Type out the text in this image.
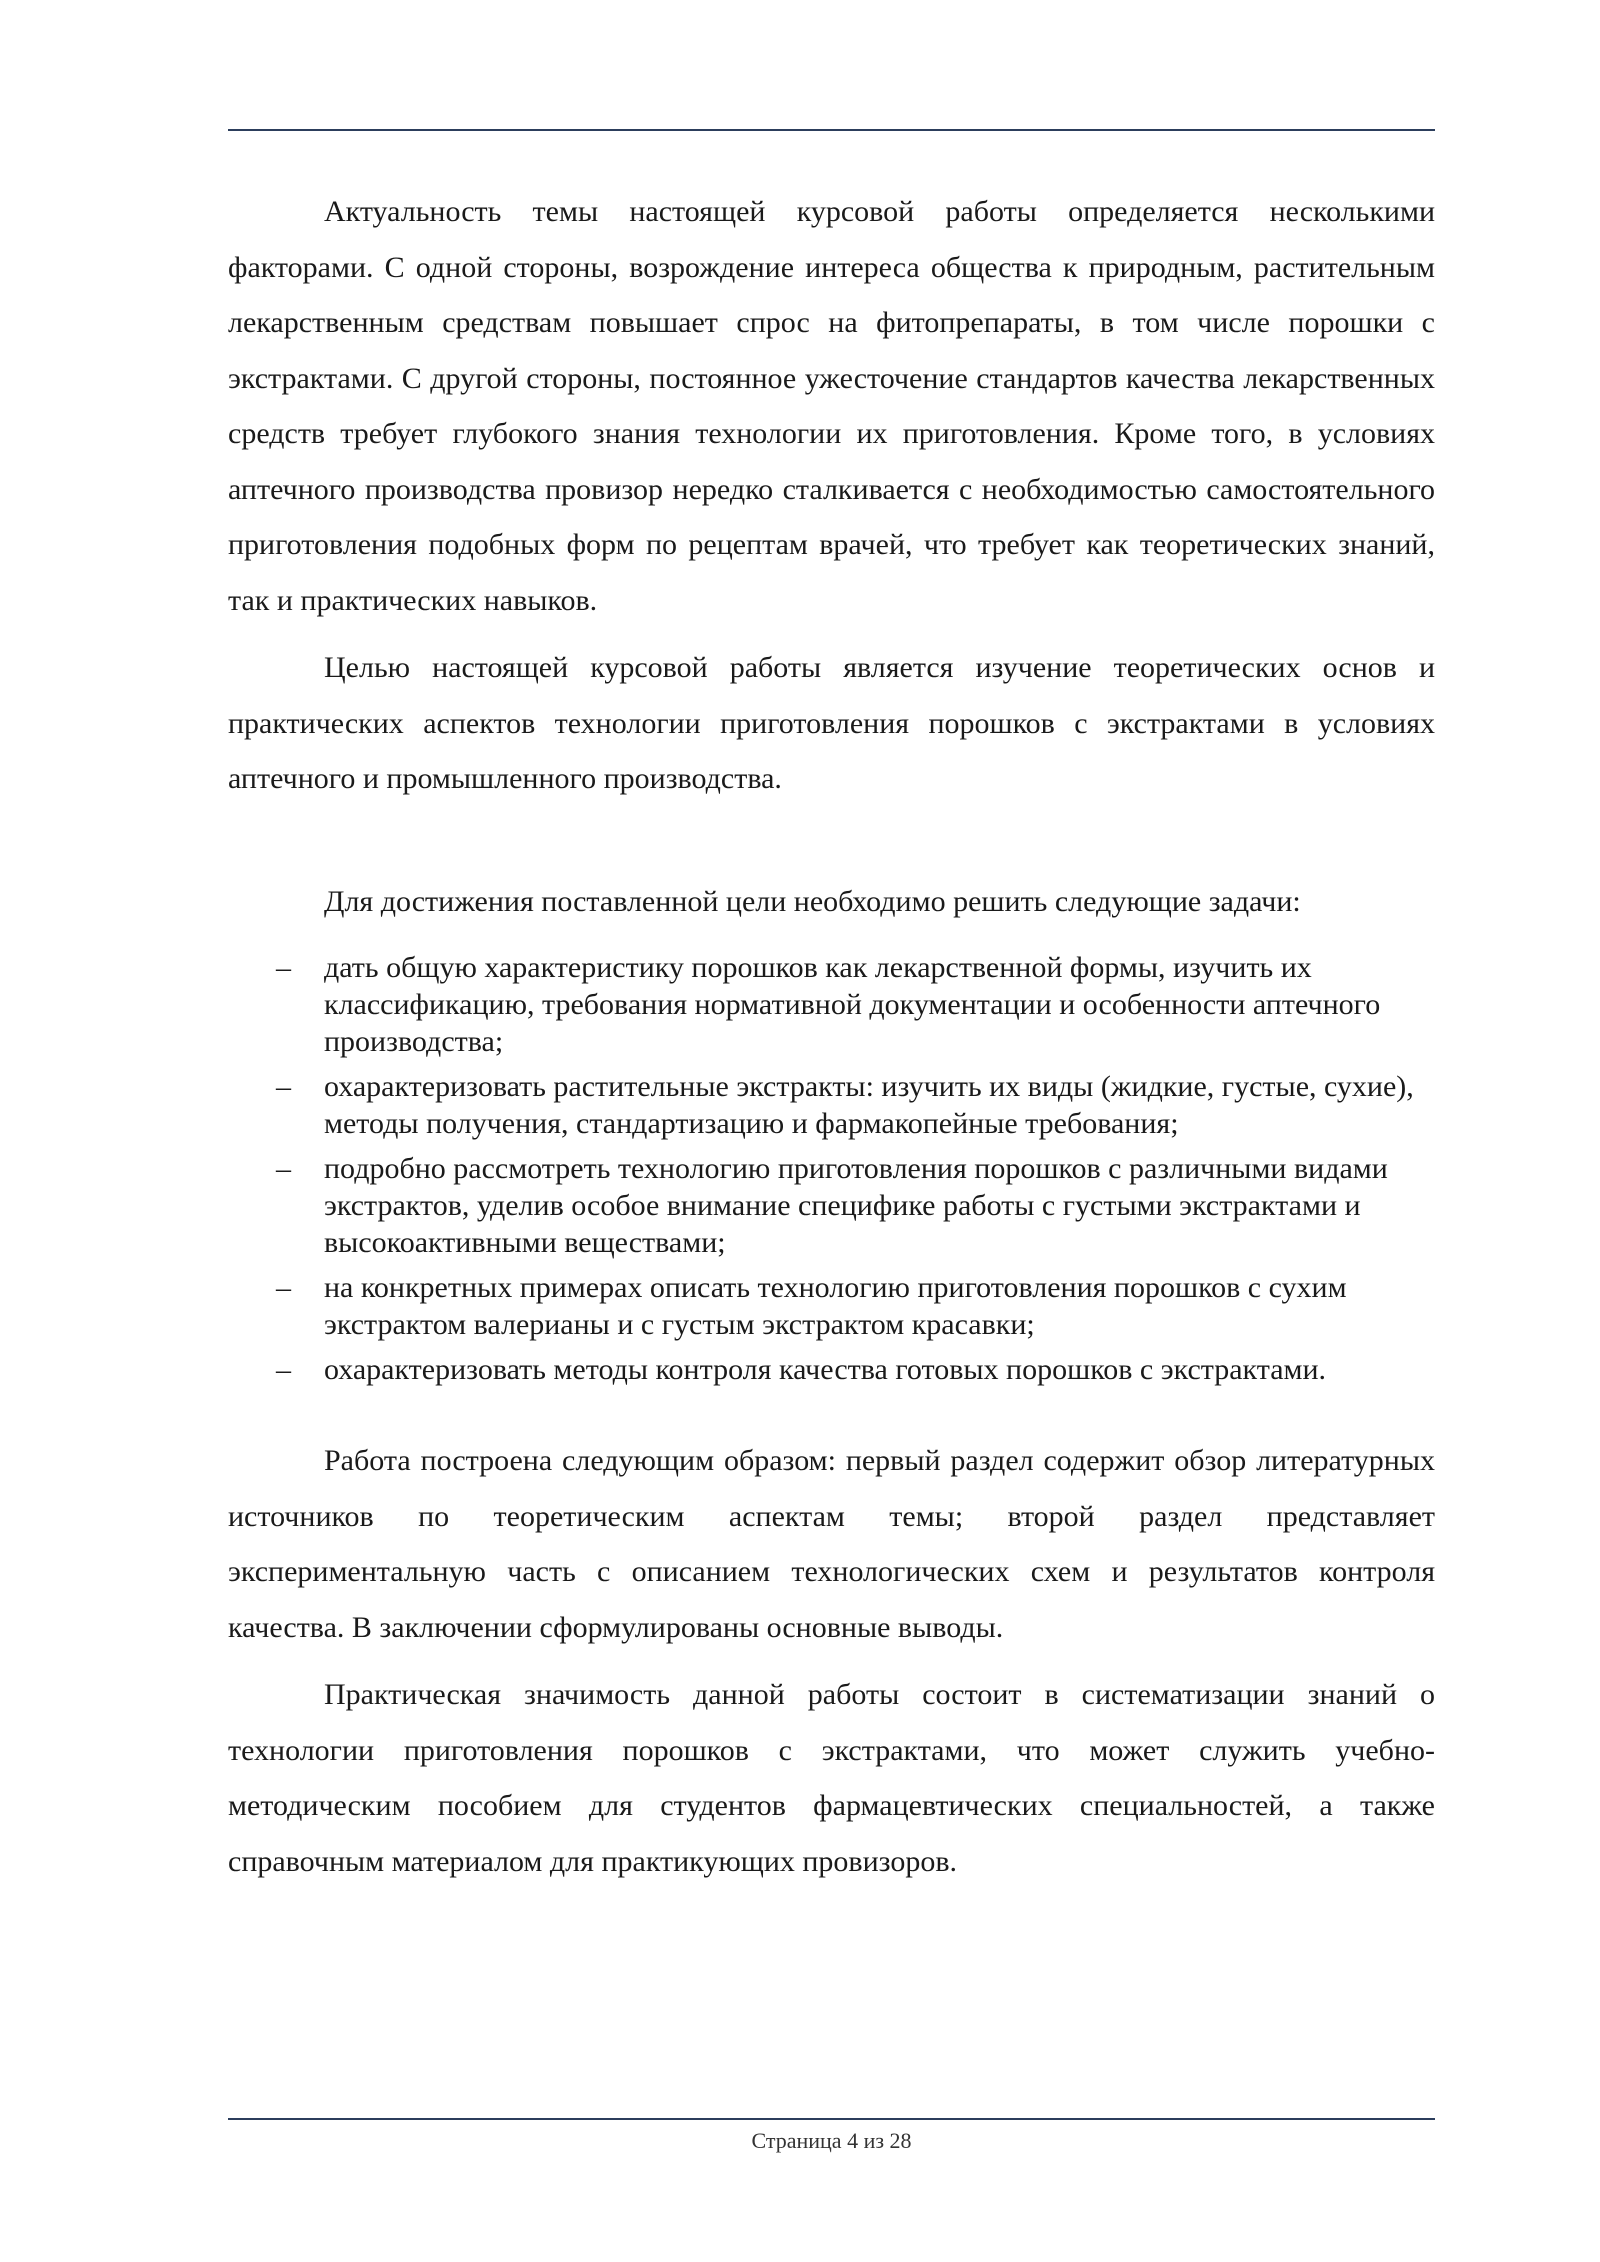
Актуальность темы настоящей курсовой работы определяется несколькими факторами. С одной стороны, возрождение интереса общества к природным, растительным лекарственным средствам повышает спрос на фитопрепараты, в том числе порошки с экстрактами. С другой стороны, постоянное ужесточение стандартов качества лекарственных средств требует глубокого знания технологии их приготовления. Кроме того, в условиях аптечного производства провизор нередко сталкивается с необходимостью самостоятельного приготовления подобных форм по рецептам врачей, что требует как теоретических знаний, так и практических навыков.

Целью настоящей курсовой работы является изучение теоретических основ и практических аспектов технологии приготовления порошков с экстрактами в условиях аптечного и промышленного производства.

Для достижения поставленной цели необходимо решить следующие задачи:

– дать общую характеристику порошков как лекарственной формы, изучить их классификацию, требования нормативной документации и особенности аптечного производства;
– охарактеризовать растительные экстракты: изучить их виды (жидкие, густые, сухие), методы получения, стандартизацию и фармакопейные требования;
– подробно рассмотреть технологию приготовления порошков с различными видами экстрактов, уделив особое внимание специфике работы с густыми экстрактами и высокоактивными веществами;
– на конкретных примерах описать технологию приготовления порошков с сухим экстрактом валерианы и с густым экстрактом красавки;
– охарактеризовать методы контроля качества готовых порошков с экстрактами.

Работа построена следующим образом: первый раздел содержит обзор литературных источников по теоретическим аспектам темы; второй раздел представляет экспериментальную часть с описанием технологических схем и результатов контроля качества. В заключении сформулированы основные выводы.

Практическая значимость данной работы состоит в систематизации знаний о технологии приготовления порошков с экстрактами, что может служить учебно-методическим пособием для студентов фармацевтических специальностей, а также справочным материалом для практикующих провизоров.

Страница 4 из 28
